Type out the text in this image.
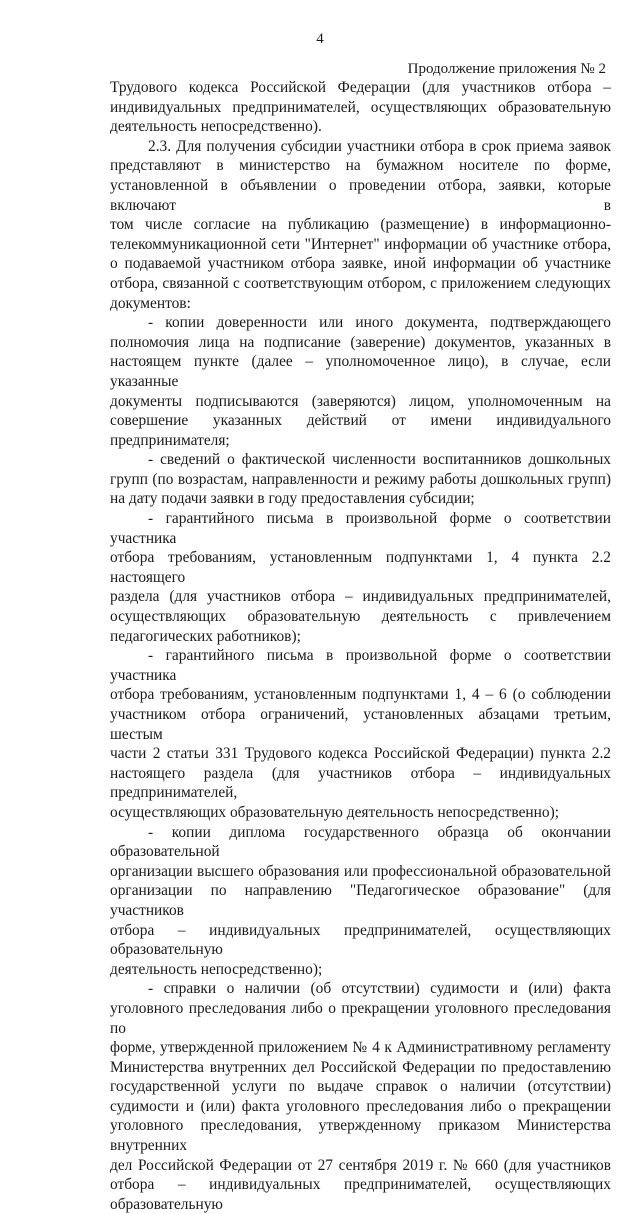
4
Продолжение приложения № 2

Трудового кодекса Российской Федерации (для участников отбора –

индивидуальных предпринимателей, осуществляющих образовательную

деятельность непосредственно).

2.3. Для получения субсидии участники отбора в срок приема заявок

представляют в министерство на бумажном носителе по форме,

установленной в объявлении о проведении отбора, заявки, которые включают в

том числе согласие на публикацию (размещение) в информационно-

телекоммуникационной сети "Интернет" информации об участнике отбора,

о подаваемой участником отбора заявке, иной информации об участнике

отбора, связанной с соответствующим отбором, с приложением следующих

документов:

- копии доверенности или иного документа, подтверждающего

полномочия лица на подписание (заверение) документов, указанных в

настоящем пункте (далее – уполномоченное лицо), в случае, если указанные

документы подписываются (заверяются) лицом, уполномоченным на

совершение указанных действий от имени индивидуального предпринимателя;

- сведений о фактической численности воспитанников дошкольных

групп (по возрастам, направленности и режиму работы дошкольных групп)

на дату подачи заявки в году предоставления субсидии;

- гарантийного письма в произвольной форме о соответствии участника

отбора требованиям, установленным подпунктами 1, 4 пункта 2.2 настоящего

раздела (для участников отбора – индивидуальных предпринимателей,

осуществляющих образовательную деятельность с привлечением

педагогических работников);

- гарантийного письма в произвольной форме о соответствии участника

отбора требованиям, установленным подпунктами 1, 4 – 6 (о соблюдении

участником отбора ограничений, установленных абзацами третьим, шестым

части 2 статьи 331 Трудового кодекса Российской Федерации) пункта 2.2

настоящего раздела (для участников отбора – индивидуальных предпринимателей,

осуществляющих образовательную деятельность непосредственно);

- копии диплома государственного образца об окончании образовательной

организации высшего образования или профессиональной образовательной

организации по направлению "Педагогическое образование" (для участников

отбора – индивидуальных предпринимателей, осуществляющих образовательную

деятельность непосредственно);

- справки о наличии (об отсутствии) судимости и (или) факта

уголовного преследования либо о прекращении уголовного преследования по

форме, утвержденной приложением № 4 к Административному регламенту

Министерства внутренних дел Российской Федерации по предоставлению

государственной услуги по выдаче справок о наличии (отсутствии)

судимости и (или) факта уголовного преследования либо о прекращении

уголовного преследования, утвержденному приказом Министерства внутренних

дел Российской Федерации от 27 сентября 2019 г. № 660 (для участников

отбора – индивидуальных предпринимателей, осуществляющих образовательную
